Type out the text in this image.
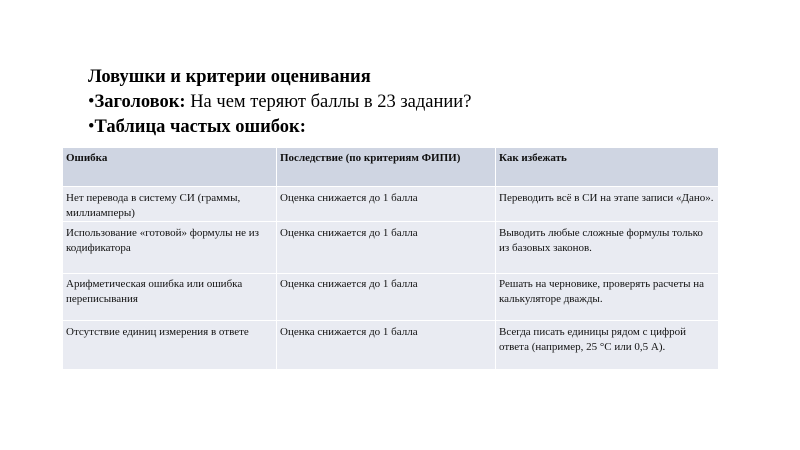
Ловушки и критерии оценивания
•Заголовок: На чем теряют баллы в 23 задании?
•Таблица частых ошибок:
Ошибка	Последствие (по критериям ФИПИ)	Как избежать
Нет перевода в систему СИ (граммы, миллиамперы)	Оценка снижается до 1 балла	Переводить всё в СИ на этапе записи «Дано».
Использование «готовой» формулы не из кодификатора	Оценка снижается до 1 балла	Выводить любые сложные формулы только из базовых законов.
Арифметическая ошибка или ошибка переписывания	Оценка снижается до 1 балла	Решать на черновике, проверять расчеты на калькуляторе дважды.
Отсутствие единиц измерения в ответе	Оценка снижается до 1 балла	Всегда писать единицы рядом с цифрой ответа (например, 25 °C или 0,5 A).
